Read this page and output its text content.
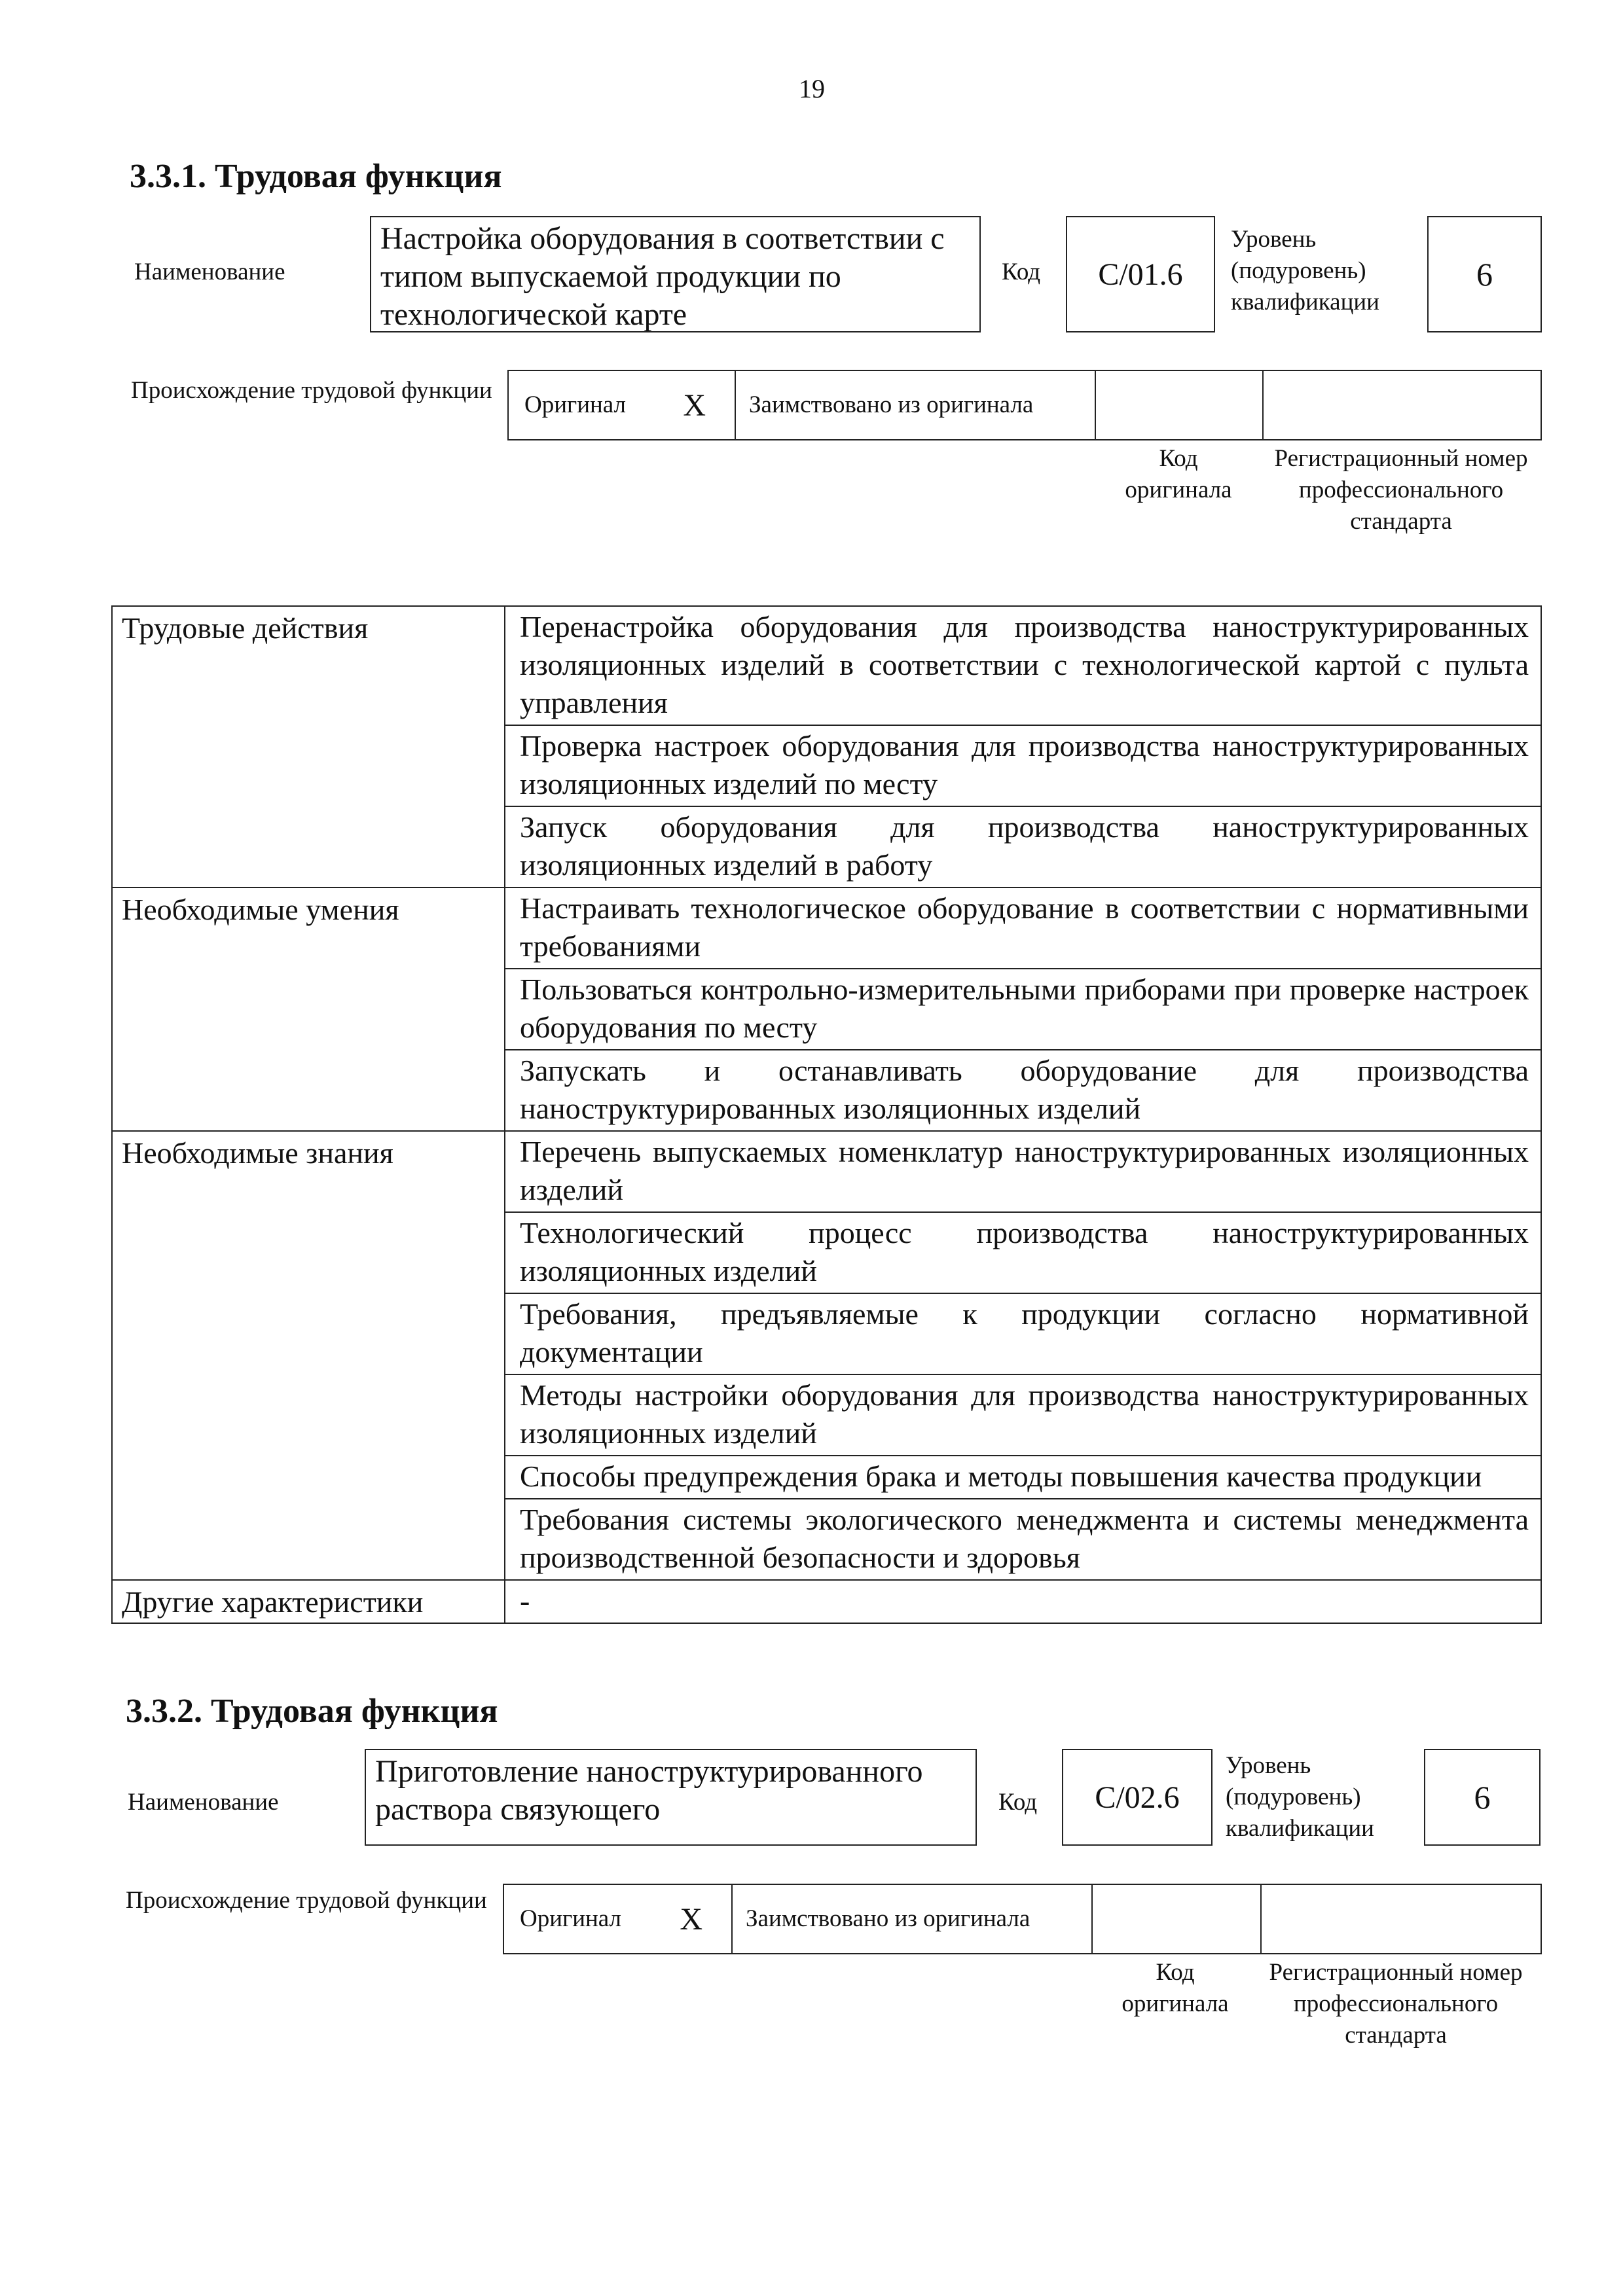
19
3.3.1. Трудовая функция
Наименование
Настройка оборудования в соответствии с типом выпускаемой продукции по технологической карте
Код С/01.6
Уровень (подуровень) квалификации
6
Происхождение трудовой функции
Оригинал X Заимствовано из оригинала
Код оригинала
Регистрационный номер профессионального стандарта
Трудовые действия	Перенастройка оборудования для производства наноструктурированных изоляционных изделий в соответствии с технологической картой с пульта управления
	Проверка настроек оборудования для производства наноструктурированных изоляционных изделий по месту
	Запуск оборудования для производства наноструктурированных изоляционных изделий в работу
Необходимые умения	Настраивать технологическое оборудование в соответствии с нормативными требованиями
	Пользоваться контрольно-измерительными приборами при проверке настроек оборудования по месту
	Запускать и останавливать оборудование для производства наноструктурированных изоляционных изделий
Необходимые знания	Перечень выпускаемых номенклатур наноструктурированных изоляционных изделий
	Технологический процесс производства наноструктурированных изоляционных изделий
	Требования, предъявляемые к продукции согласно нормативной документации
	Методы настройки оборудования для производства наноструктурированных изоляционных изделий
	Способы предупреждения брака и методы повышения качества продукции
	Требования системы экологического менеджмента и системы менеджмента производственной безопасности и здоровья
Другие характеристики	-
3.3.2. Трудовая функция
Наименование
Приготовление наноструктурированного раствора связующего	Код С/02.6
Уровень (подуровень) квалификации
6
Происхождение трудовой функции
Оригинал X Заимствовано из оригинала
Код оригинала
Регистрационный номер профессионального стандарта
